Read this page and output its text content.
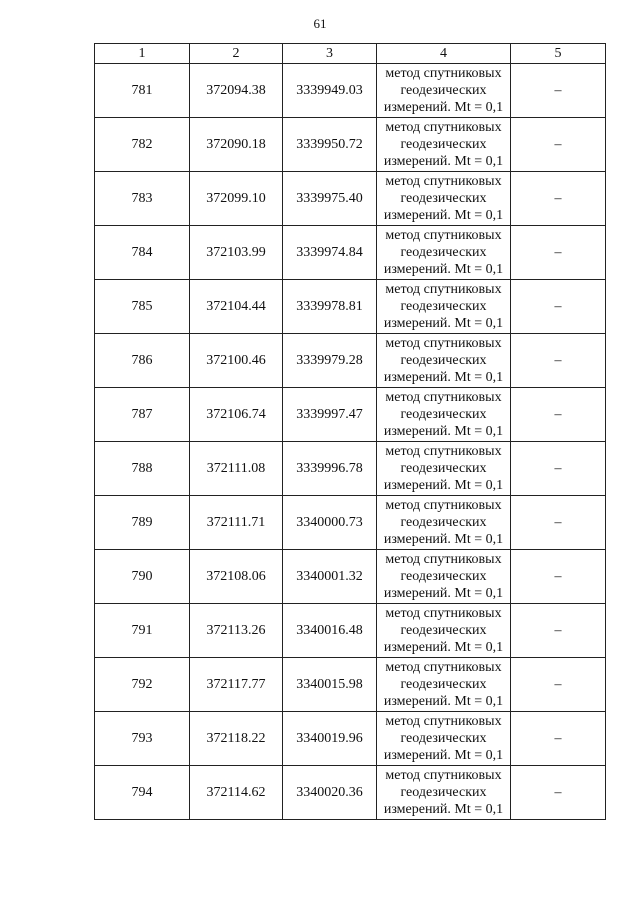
61
1	2	3	4	5
781	372094.38	3339949.03	метод спутниковых
геодезических
измерений. Mt = 0,1	–
782	372090.18	3339950.72	метод спутниковых
геодезических
измерений. Mt = 0,1	–
783	372099.10	3339975.40	метод спутниковых
геодезических
измерений. Mt = 0,1	–
784	372103.99	3339974.84	метод спутниковых
геодезических
измерений. Mt = 0,1	–
785	372104.44	3339978.81	метод спутниковых
геодезических
измерений. Mt = 0,1	–
786	372100.46	3339979.28	метод спутниковых
геодезических
измерений. Mt = 0,1	–
787	372106.74	3339997.47	метод спутниковых
геодезических
измерений. Mt = 0,1	–
788	372111.08	3339996.78	метод спутниковых
геодезических
измерений. Mt = 0,1	–
789	372111.71	3340000.73	метод спутниковых
геодезических
измерений. Mt = 0,1	–
790	372108.06	3340001.32	метод спутниковых
геодезических
измерений. Mt = 0,1	–
791	372113.26	3340016.48	метод спутниковых
геодезических
измерений. Mt = 0,1	–
792	372117.77	3340015.98	метод спутниковых
геодезических
измерений. Mt = 0,1	–
793	372118.22	3340019.96	метод спутниковых
геодезических
измерений. Mt = 0,1	–
794	372114.62	3340020.36	метод спутниковых
геодезических
измерений. Mt = 0,1	–
